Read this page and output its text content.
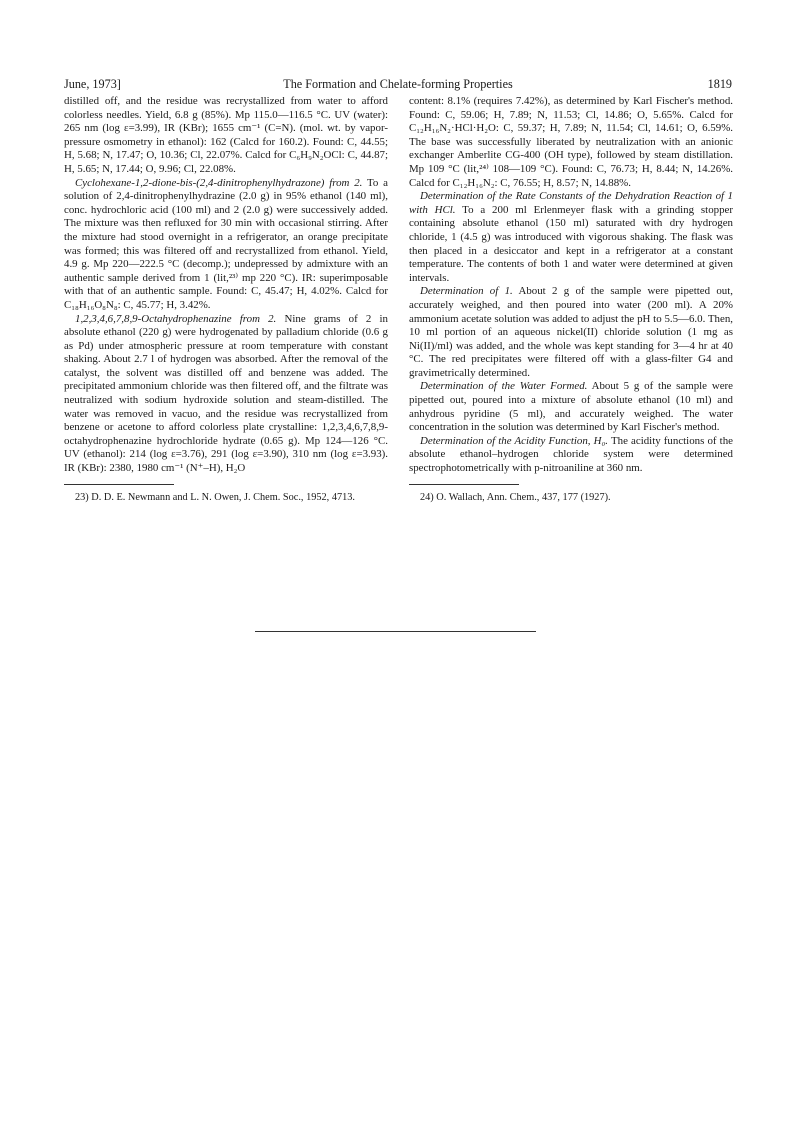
June, 1973]	The Formation and Chelate-forming Properties	1819

distilled off, and the residue was recrystallized from water to afford colorless needles. Yield, 6.8 g (85%). Mp 115.0—116.5 °C. UV (water): 265 nm (log ε=3.99), IR (KBr); 1655 cm⁻¹ (C=N). (mol. wt. by vapor-pressure osmometry in ethanol): 162 (Calcd for 160.2). Found: C, 44.55; H, 5.68; N, 17.47; O, 10.36; Cl, 22.07%. Calcd for C₆H₉N₂OCl: C, 44.87; H, 5.65; N, 17.44; O, 9.96; Cl, 22.08%.

Cyclohexane-1,2-dione-bis-(2,4-dinitrophenylhydrazone) from 2. To a solution of 2,4-dinitrophenylhydrazine (2.0 g) in 95% ethanol (140 ml), conc. hydrochloric acid (100 ml) and 2 (2.0 g) were successively added. The mixture was then refluxed for 30 min with occasional stirring. After the mixture had stood overnight in a refrigerator, an orange precipitate was formed; this was filtered off and recrystallized from ethanol. Yield, 4.9 g. Mp 220—222.5 °C (decomp.); undepressed by admixture with an authentic sample derived from 1 (lit,²³⁾ mp 220 °C). IR: superimposable with that of an authentic sample. Found: C, 45.47; H, 4.02%. Calcd for C₁₈H₁₆O₈N₈: C, 45.77; H, 3.42%.

1,2,3,4,6,7,8,9-Octahydrophenazine from 2. Nine grams of 2 in absolute ethanol (220 g) were hydrogenated by palladium chloride (0.6 g as Pd) under atmospheric pressure at room temperature with constant shaking. About 2.7 l of hydrogen was absorbed. After the removal of the catalyst, the solvent was distilled off and benzene was added. The precipitated ammonium chloride was then filtered off, and the filtrate was neutralized with sodium hydroxide solution and steam-distilled. The water was removed in vacuo, and the residue was recrystallized from benzene or acetone to afford colorless plate crystalline: 1,2,3,4,6,7,8,9-octahydrophenazine hydrochloride hydrate (0.65 g). Mp 124—126 °C. UV (ethanol): 214 (log ε=3.76), 291 (log ε=3.90), 310 nm (log ε=3.93). IR (KBr): 2380, 1980 cm⁻¹ (N⁺–H), H₂O

23) D. D. E. Newmann and L. N. Owen, J. Chem. Soc., 1952, 4713.

content: 8.1% (requires 7.42%), as determined by Karl Fischer's method. Found: C, 59.06; H, 7.89; N, 11.53; Cl, 14.86; O, 5.65%. Calcd for C₁₂H₁₆N₂·HCl·H₂O: C, 59.37; H, 7.89; N, 11.54; Cl, 14.61; O, 6.59%. The base was successfully liberated by neutralization with an anionic exchanger Amberlite CG-400 (OH type), followed by steam distillation. Mp 109 °C (lit,²⁴⁾ 108—109 °C). Found: C, 76.73; H, 8.44; N, 14.26%. Calcd for C₁₂H₁₆N₂: C, 76.55; H, 8.57; N, 14.88%.

Determination of the Rate Constants of the Dehydration Reaction of 1 with HCl. To a 200 ml Erlenmeyer flask with a grinding stopper containing absolute ethanol (150 ml) saturated with dry hydrogen chloride, 1 (4.5 g) was introduced with vigorous shaking. The flask was then placed in a desiccator and kept in a refrigerator at a constant temperature. The contents of both 1 and water were determined at given intervals.

Determination of 1. About 2 g of the sample were pipetted out, accurately weighed, and then poured into water (200 ml). A 20% ammonium acetate solution was added to adjust the pH to 5.5—6.0. Then, 10 ml portion of an aqueous nickel(II) chloride solution (1 mg as Ni(II)/ml) was added, and the whole was kept standing for 3—4 hr at 40 °C. The red precipitates were filtered off with a glass-filter G4 and gravimetrically determined.

Determination of the Water Formed. About 5 g of the sample were pipetted out, poured into a mixture of absolute ethanol (10 ml) and anhydrous pyridine (5 ml), and accurately weighed. The water concentration in the solution was determined by Karl Fischer's method.

Determination of the Acidity Function, H₀. The acidity functions of the absolute ethanol–hydrogen chloride system were determined spectrophotometrically with p-nitroaniline at 360 nm.

24) O. Wallach, Ann. Chem., 437, 177 (1927).
